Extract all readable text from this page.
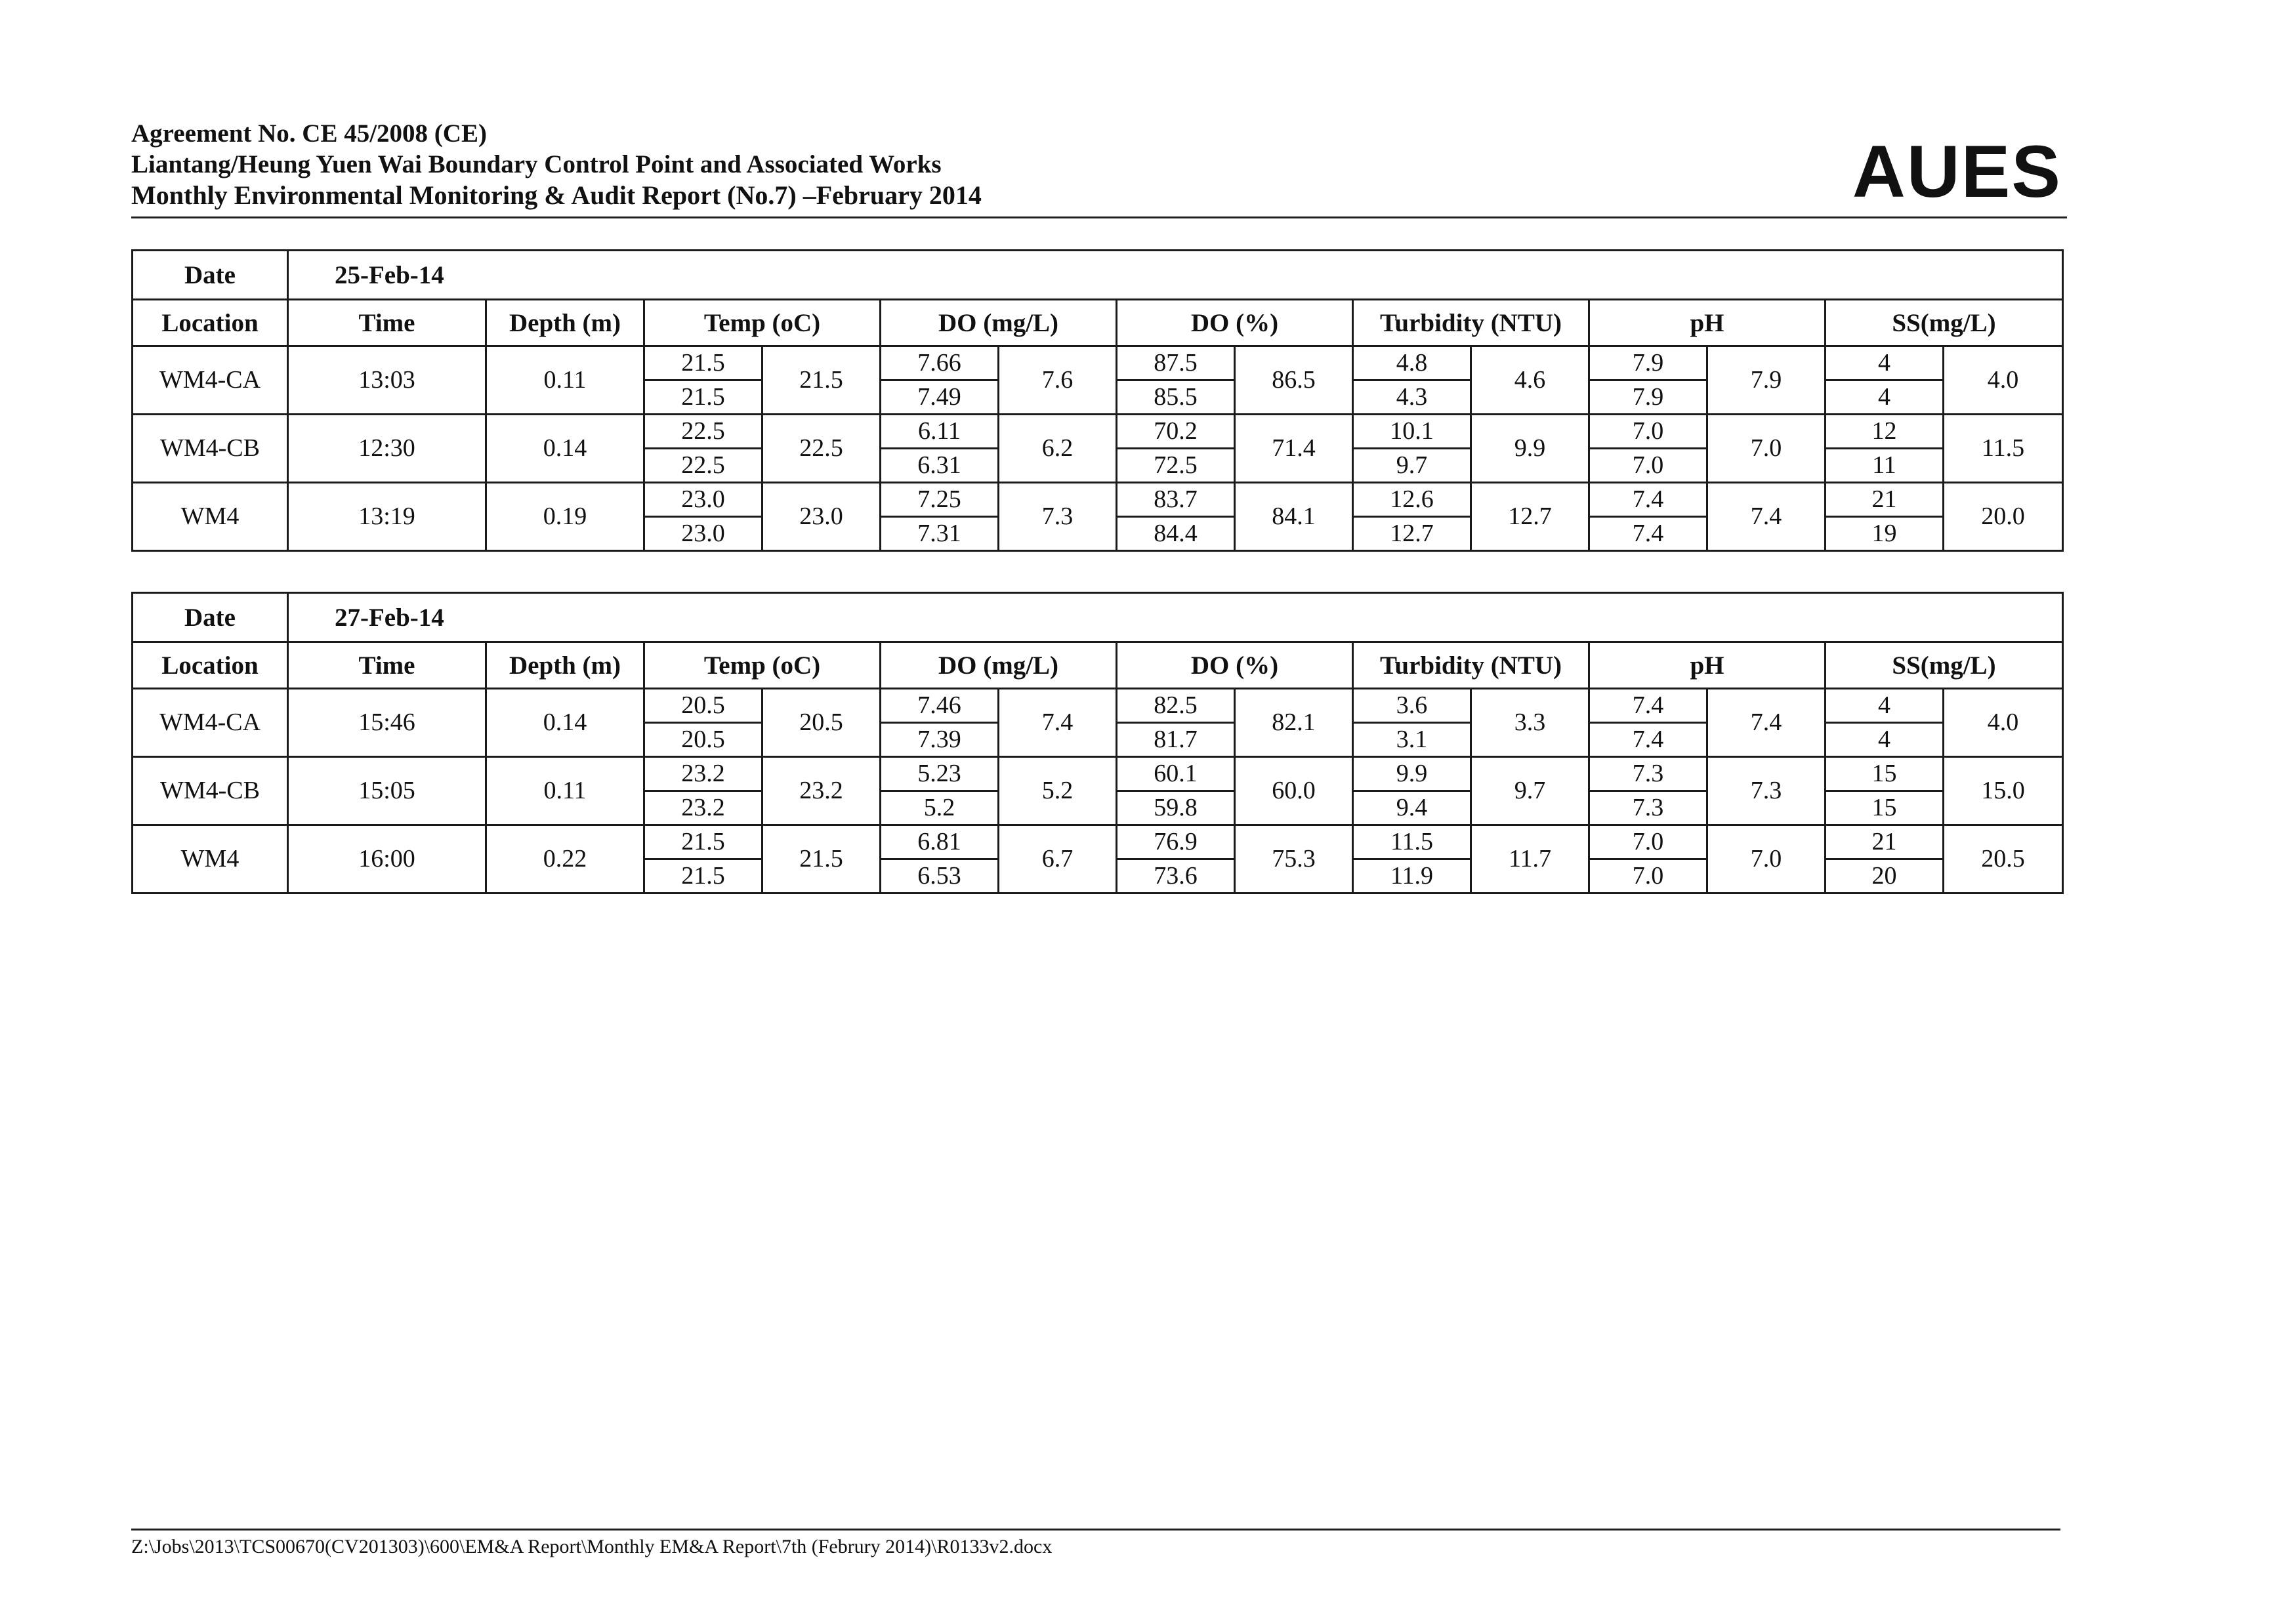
Agreement No. CE 45/2008 (CE)
Liantang/Heung Yuen Wai Boundary Control Point and Associated Works
Monthly Environmental Monitoring & Audit Report (No.7) –February 2014	AUES
Date	25-Feb-14													
Location	Time	Depth (m)	Temp (oC)		DO (mg/L)		DO (%)		Turbidity (NTU)		pH		SS(mg/L)	
WM4-CA	13:03	0.11	21.5	21.5	7.66	7.6	87.5	86.5	4.8	4.6	7.9	7.9	4	4.0
			21.5		7.49		85.5		4.3		7.9		4	
WM4-CB	12:30	0.14	22.5	22.5	6.11	6.2	70.2	71.4	10.1	9.9	7.0	7.0	12	11.5
			22.5		6.31		72.5		9.7		7.0		11	
WM4	13:19	0.19	23.0	23.0	7.25	7.3	83.7	84.1	12.6	12.7	7.4	7.4	21	20.0
			23.0		7.31		84.4		12.7		7.4		19	
Date	27-Feb-14													
Location	Time	Depth (m)	Temp (oC)		DO (mg/L)		DO (%)		Turbidity (NTU)		pH		SS(mg/L)	
WM4-CA	15:46	0.14	20.5	20.5	7.46	7.4	82.5	82.1	3.6	3.3	7.4	7.4	4	4.0
			20.5		7.39		81.7		3.1		7.4		4	
WM4-CB	15:05	0.11	23.2	23.2	5.23	5.2	60.1	60.0	9.9	9.7	7.3	7.3	15	15.0
			23.2		5.2		59.8		9.4		7.3		15	
WM4	16:00	0.22	21.5	21.5	6.81	6.7	76.9	75.3	11.5	11.7	7.0	7.0	21	20.5
			21.5		6.53		73.6		11.9		7.0		20	
Z:\Jobs\2013\TCS00670(CV201303)\600\EM&A Report\Monthly EM&A Report\7th (Februry 2014)\R0133v2.docx
